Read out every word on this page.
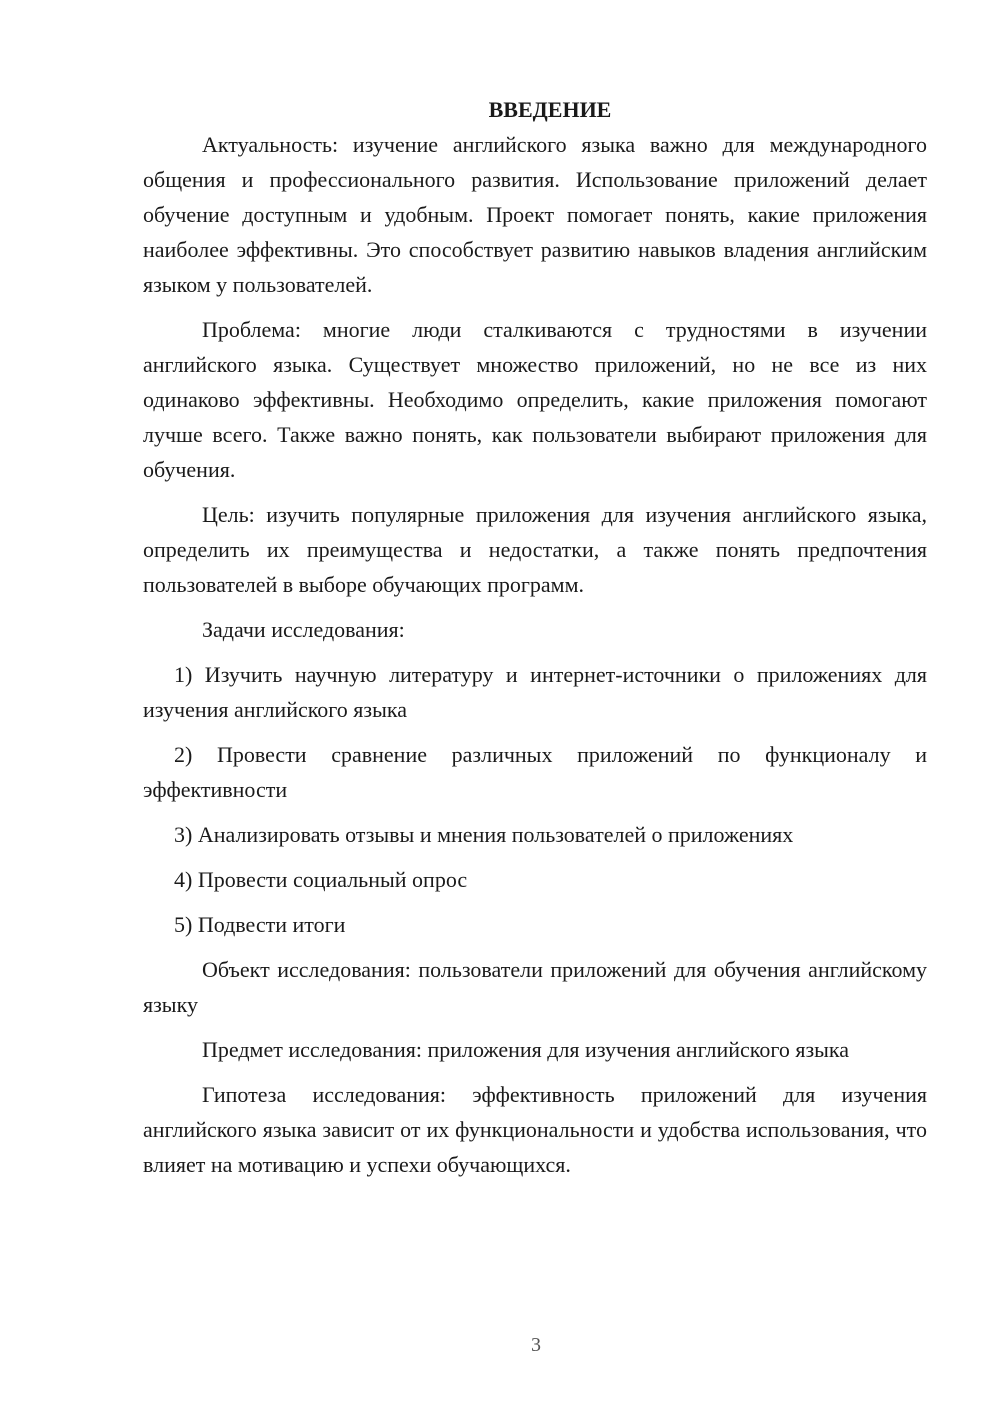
ВВЕДЕНИЕ

Актуальность: изучение английского языка важно для международного общения и профессионального развития. Использование приложений делает обучение доступным и удобным. Проект помогает понять, какие приложения наиболее эффективны. Это способствует развитию навыков владения английским языком у пользователей.

Проблема: многие люди сталкиваются с трудностями в изучении английского языка. Существует множество приложений, но не все из них одинаково эффективны. Необходимо определить, какие приложения помогают лучше всего. Также важно понять, как пользователи выбирают приложения для обучения.

Цель: изучить популярные приложения для изучения английского языка, определить их преимущества и недостатки, а также понять предпочтения пользователей в выборе обучающих программ.

Задачи исследования:

1) Изучить научную литературу и интернет-источники о приложениях для изучения английского языка

2) Провести сравнение различных приложений по функционалу и эффективности

3) Анализировать отзывы и мнения пользователей о приложениях

4) Провести социальный опрос

5) Подвести итоги

Объект исследования: пользователи приложений для обучения английскому языку

Предмет исследования: приложения для изучения английского языка

Гипотеза исследования: эффективность приложений для изучения английского языка зависит от их функциональности и удобства использования, что влияет на мотивацию и успехи обучающихся.

3
